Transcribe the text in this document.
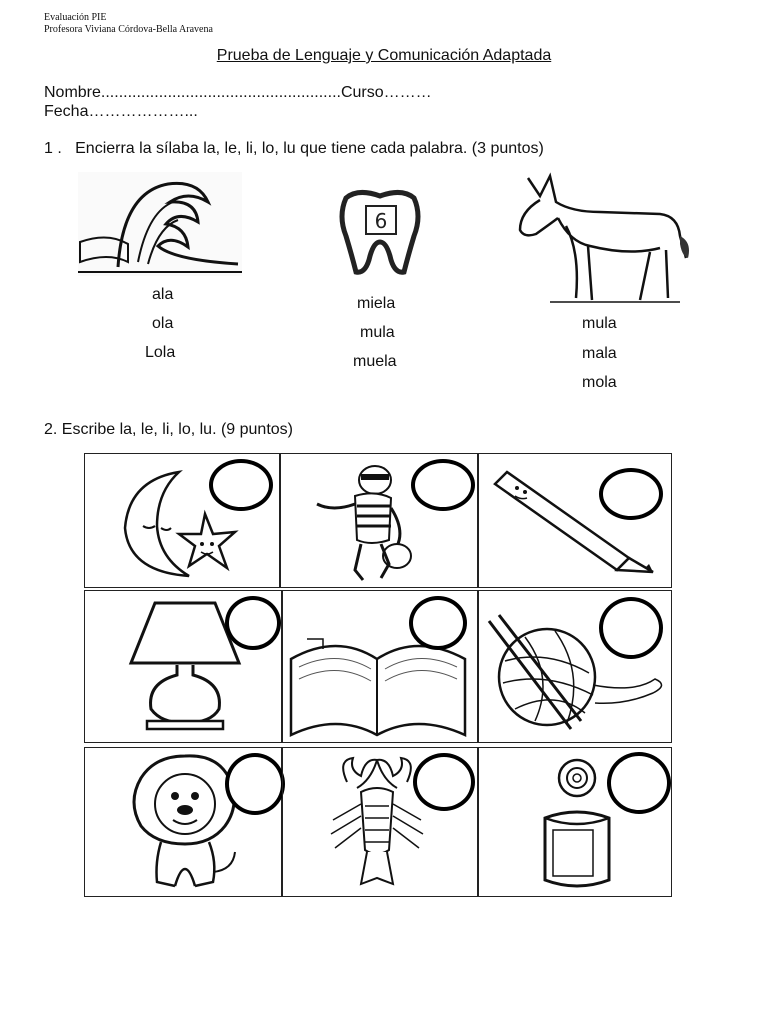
Evaluación PIE
Profesora Viviana Córdova-Bella Aravena
Prueba de Lenguaje y Comunicación Adaptada
Nombre......................................................Curso………
Fecha………………...
1 .   Encierra la sílaba la, le, li, lo, lu que tiene cada palabra. (3 puntos)
6
ala
ola
Lola
miela
mula
muela
mula
mala
mola
2. Escribe la, le, li, lo, lu. (9 puntos)
